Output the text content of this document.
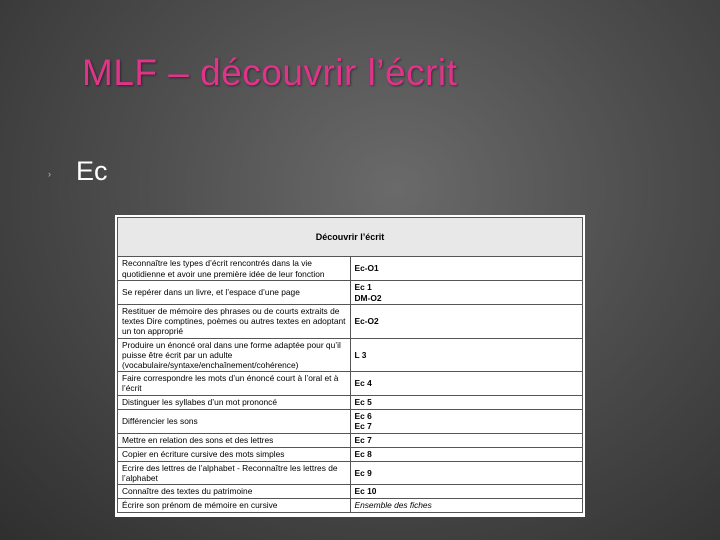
MLF – découvrir l’écrit
› Ec
Découvrir l’écrit	
Reconnaître les types d’écrit rencontrés dans la vie quotidienne et avoir une première idée de leur fonction	Ec-O1

Se repérer dans un livre, et l’espace d’une page	Ec 1
DM-O2

Restituer de mémoire des phrases ou de courts extraits de textes Dire comptines, poèmes ou autres textes en adoptant un ton approprié	Ec-O2

Produire un énoncé oral dans une forme adaptée pour qu’il puisse être écrit par un adulte (vocabulaire/syntaxe/enchaînement/cohérence)	L 3

Faire correspondre les mots d’un énoncé court à l’oral et à l’écrit	Ec 4

Distinguer les syllabes d’un mot prononcé	Ec 5

Différencier les sons	Ec 6
Ec 7

Mettre en relation des sons et des lettres	Ec 7

Copier en écriture cursive des mots simples	Ec 8

Ecrire des lettres de l’alphabet - Reconnaître les lettres de l’alphabet	Ec 9

Connaître des textes du patrimoine	Ec 10

Écrire son prénom de mémoire en cursive	Ensemble des fiches
